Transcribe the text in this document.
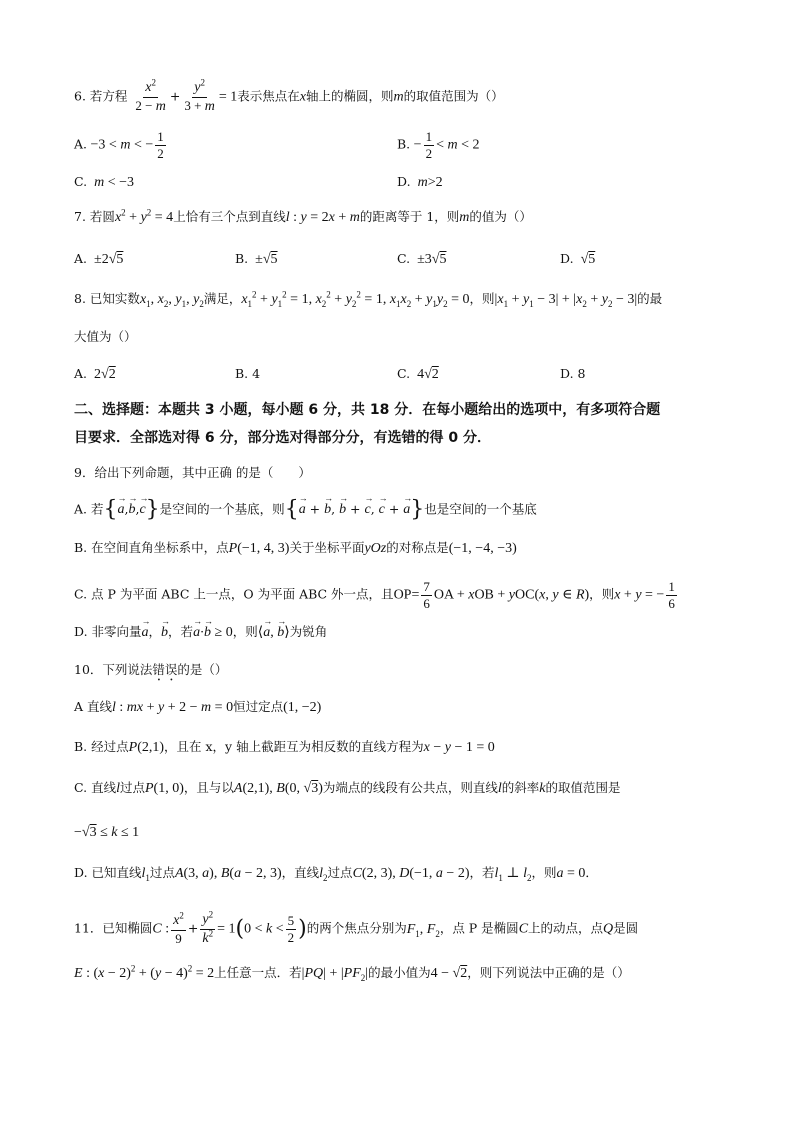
6. 若方程 $\frac{x^2}{2 - m} + \frac{y^2}{3 + m} = 1$表示焦点在x轴上的椭圆，则m的取值范围为（）
A. −3 < m < − $\frac{1}{2}$	B. − $\frac{1}{2} < m < 2$
C. m < −3	D. m>2
7. 若圆$x^2 + y^2 = 4$上恰有三个点到直线l : y = 2x + m的距离等于 1，则m的值为（）
A.  ±2√5	B.  ±√5	C.  ±3√5	D.  √5
8. 已知实数$x_1$, $x_2$, $y_1$, $y_2$满足，$x_1^2 + y_1^2 = 1$, $x_2^2 + y_2^2 = 1$, $x_1x_2 + y_1y_2 = 0$，则$|x_1 + y_1 - 3| + |x_2 + y_2 - 3|$的最
大值为（）
A.  2√2	B. 4	C.  4√2	D. 8
二、选择题：本题共 3 小题，每小题 6 分，共 18 分．在每小题给出的选项中，有多项符合题
目要求．全部选对得 6 分，部分选对得部分分，有选错的得 0 分．
9．给出下列命题，其中正确 的是（　　）
A. 若{→ a,→ b,→ c}是空间的一个基底，则{→ a + → b, → b + → c, → c + → a}也是空间的一个基底
B. 在空间直角坐标系中，点P(−1, 4, 3)关于坐标平面yOz的对称点是(−1, −4, −3)
C. 点 P 为平面 ABC 上一点，O 为平面 ABC 外一点，且$OP= \frac{7}{6}$ OA + xOB + yOC(x, y ∈ R)，则x + y = − $\frac{1}{6}$
D. 非零向量→ a，→ b，若→ a·→ b ≥ 0，则⟨→ a, → b⟩为锐角
10．下列说法错误的是（）
A 直线l : mx + y + 2 − m = 0恒过定点(1, −2)
B. 经过点P(2,1)，且在 x，y 轴上截距互为相反数的直线方程为x − y − 1 = 0
C. 直线l过点P(1, 0)，且与以A(2,1), B(0, √3)为端点的线段有公共点，则直线l的斜率k的取值范围是
−√3 ≤ k ≤ 1
D. 已知直线$l_1$过点A(3, a), B(a − 2, 3)，直线$l_2$过点C(2, 3), D(−1, a − 2)，若$l_1$ ⊥ $l_2$，则a = 0．
11．已知椭圆C : $\frac{x^2}{9} + \frac{y^2}{k^2} = 1(0 < k < \frac{5}{2}$ )的两个焦点分别为$F_1$, $F_2$，点 P 是椭圆C上的动点，点Q是圆
E : $(x - 2)^2 + (y - 4)^2 = 2$上任意一点．若$|PQ| + |PF_2|$的最小值为4 − √2，则下列说法中正确的是（）
